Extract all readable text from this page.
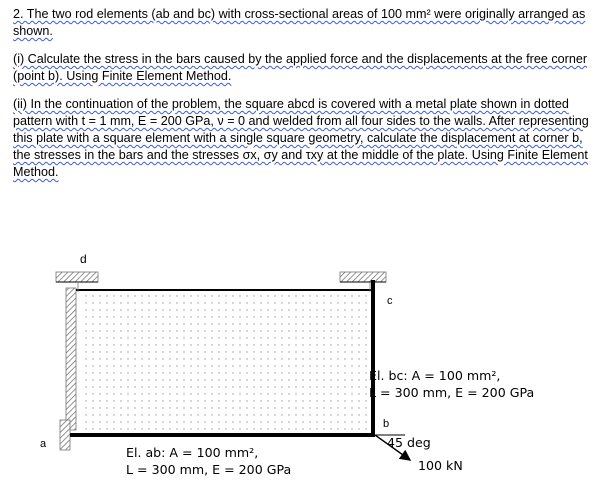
2. The two rod elements (ab and bc) with cross-sectional areas of 100 mm² were originally arranged as shown.
(i) Calculate the stress in the bars caused by the applied force and the displacements at the free corner (point b). Using Finite Element Method.
(ii) In the continuation of the problem, the square abcd is covered with a metal plate shown in dotted pattern with t = 1 mm, E = 200 GPa, ν = 0 and welded from all four sides to the walls. After representing this plate with a square element with a single square geometry, calculate the displacement at corner b, the stresses in the bars and the stresses σx, σy and τxy at the middle of the plate. Using Finite Element Method.
d
c
b
a
El. bc: A = 100 mm²,
L = 300 mm, E = 200 GPa
El. ab: A = 100 mm²,
L = 300 mm, E = 200 GPa
45 deg
100 kN
